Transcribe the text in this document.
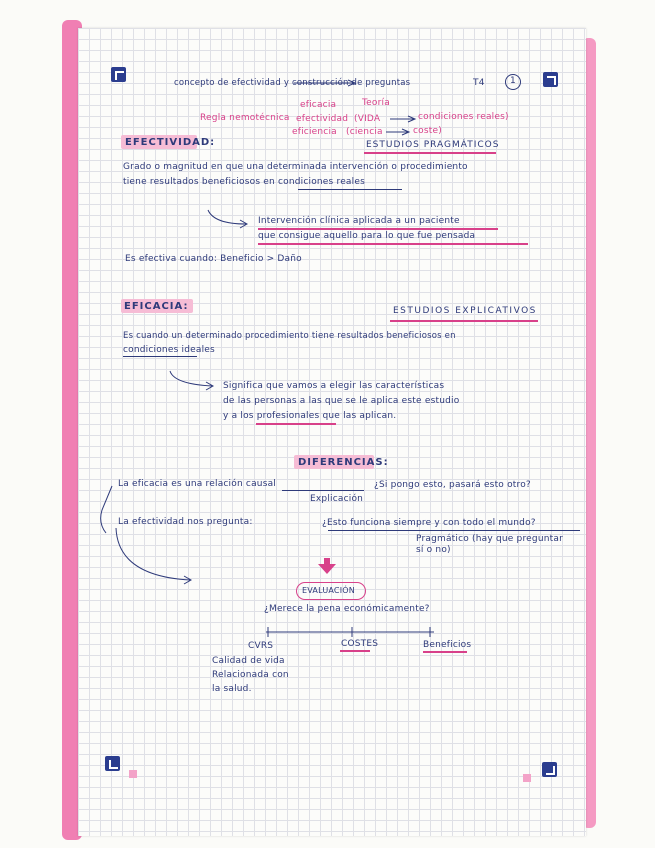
concepto de efectividad y construcción de preguntas	T4	1
eficacia	Teoría
Regla nemotécnica efectividad (VIDA	condiciones reales)
eficiencia (ciencia	coste)
EFECTIVIDAD:	ESTUDIOS PRAGMÁTICOS
Grado o magnitud en que una determinada intervención o procedimiento
tiene resultados beneficiosos en condiciones reales
Intervención clínica aplicada a un paciente
que consigue aquello para lo que fue pensada
Es efectiva cuando: Beneficio > Daño
EFICACIA:	ESTUDIOS EXPLICATIVOS
Es cuando un determinado procedimiento tiene resultados beneficiosos en
condiciones ideales
Significa que vamos a elegir las características
de las personas a las que se le aplica este estudio
y a los profesionales que las aplican.
DIFERENCIAS:
La eficacia es una relación causal	¿Si pongo esto, pasará esto otro?
Explicación
La efectividad nos pregunta:	¿Esto funciona siempre y con todo el mundo?
Pragmático (hay que preguntar sí o no)
EVALUACIÓN
¿Merece la pena económicamente?
CVRS	COSTES	Beneficios
Calidad de vida
Relacionada con
la salud.
